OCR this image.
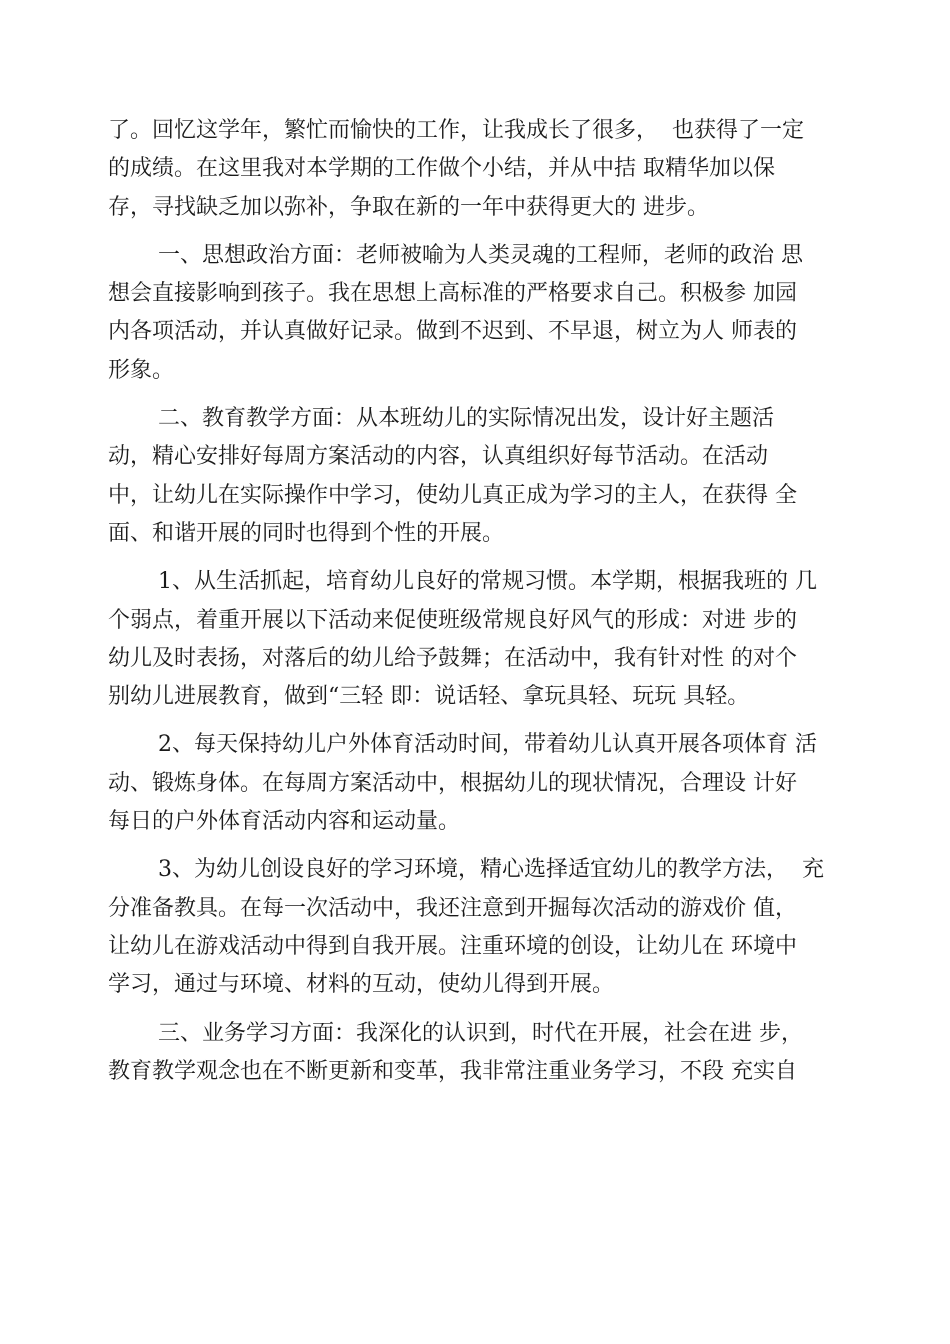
了。回忆这学年，繁忙而愉快的工作，让我成长了很多，  也获得了一定
的成绩。在这里我对本学期的工作做个小结，并从中拮 取精华加以保
存，寻找缺乏加以弥补，争取在新的一年中获得更大的 进步。
一、思想政治方面：老师被喻为人类灵魂的工程师，老师的政治 思
想会直接影响到孩子。我在思想上高标准的严格要求自己。积极参 加园
内各项活动，并认真做好记录。做到不迟到、不早退，树立为人 师表的
形象。
二、教育教学方面：从本班幼儿的实际情况出发，设计好主题活
动，精心安排好每周方案活动的内容，认真组织好每节活动。在活动
中，让幼儿在实际操作中学习，使幼儿真正成为学习的主人，在获得 全
面、和谐开展的同时也得到个性的开展。
1、从生活抓起，培育幼儿良好的常规习惯。本学期，根据我班的 几
个弱点，着重开展以下活动来促使班级常规良好风气的形成：对进 步的
幼儿及时表扬，对落后的幼儿给予鼓舞；在活动中，我有针对性 的对个
别幼儿进展教育，做到“三轻 即：说话轻、拿玩具轻、玩玩 具轻。
2、每天保持幼儿户外体育活动时间，带着幼儿认真开展各项体育 活
动、锻炼身体。在每周方案活动中，根据幼儿的现状情况，合理设 计好
每日的户外体育活动内容和运动量。
3、为幼儿创设良好的学习环境，精心选择适宜幼儿的教学方法，  充
分准备教具。在每一次活动中，我还注意到开掘每次活动的游戏价 值，
让幼儿在游戏活动中得到自我开展。注重环境的创设，让幼儿在 环境中
学习，通过与环境、材料的互动，使幼儿得到开展。
三、业务学习方面：我深化的认识到，时代在开展，社会在进 步，
教育教学观念也在不断更新和变革，我非常注重业务学习，不段 充实自
